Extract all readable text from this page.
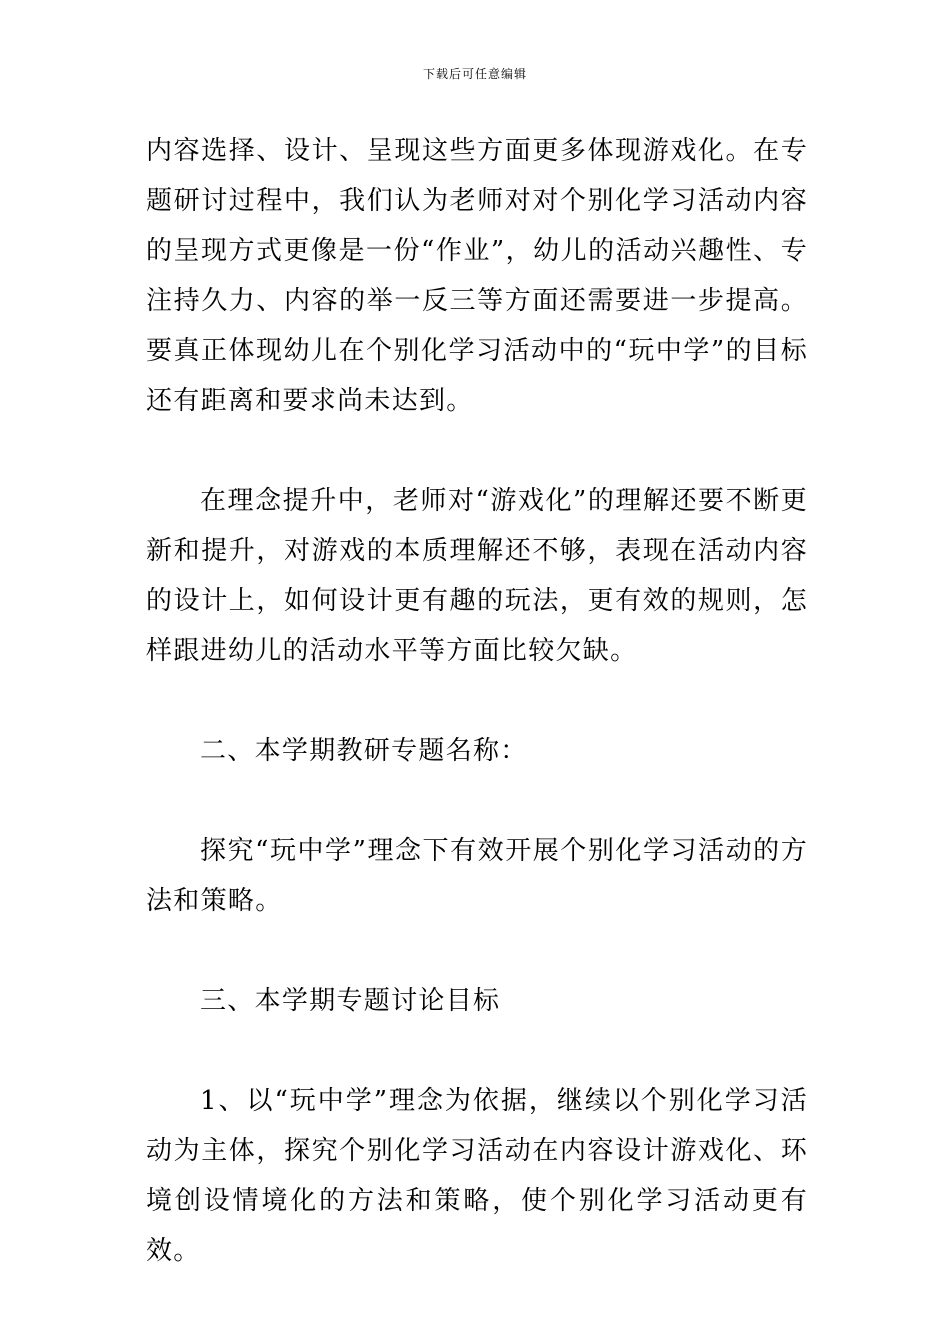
下载后可任意编辑

内容选择、设计、呈现这些方面更多体现游戏化。在专题研讨过程中，我们认为老师对对个别化学习活动内容的呈现方式更像是一份“作业”，幼儿的活动兴趣性、专注持久力、内容的举一反三等方面还需要进一步提高。要真正体现幼儿在个别化学习活动中的“玩中学”的目标还有距离和要求尚未达到。

在理念提升中，老师对“游戏化”的理解还要不断更新和提升，对游戏的本质理解还不够，表现在活动内容的设计上，如何设计更有趣的玩法，更有效的规则，怎样跟进幼儿的活动水平等方面比较欠缺。

二、本学期教研专题名称：

探究“玩中学”理念下有效开展个别化学习活动的方法和策略。

三、本学期专题讨论目标

1、以“玩中学”理念为依据，继续以个别化学习活动为主体，探究个别化学习活动在内容设计游戏化、环境创设情境化的方法和策略，使个别化学习活动更有效。
